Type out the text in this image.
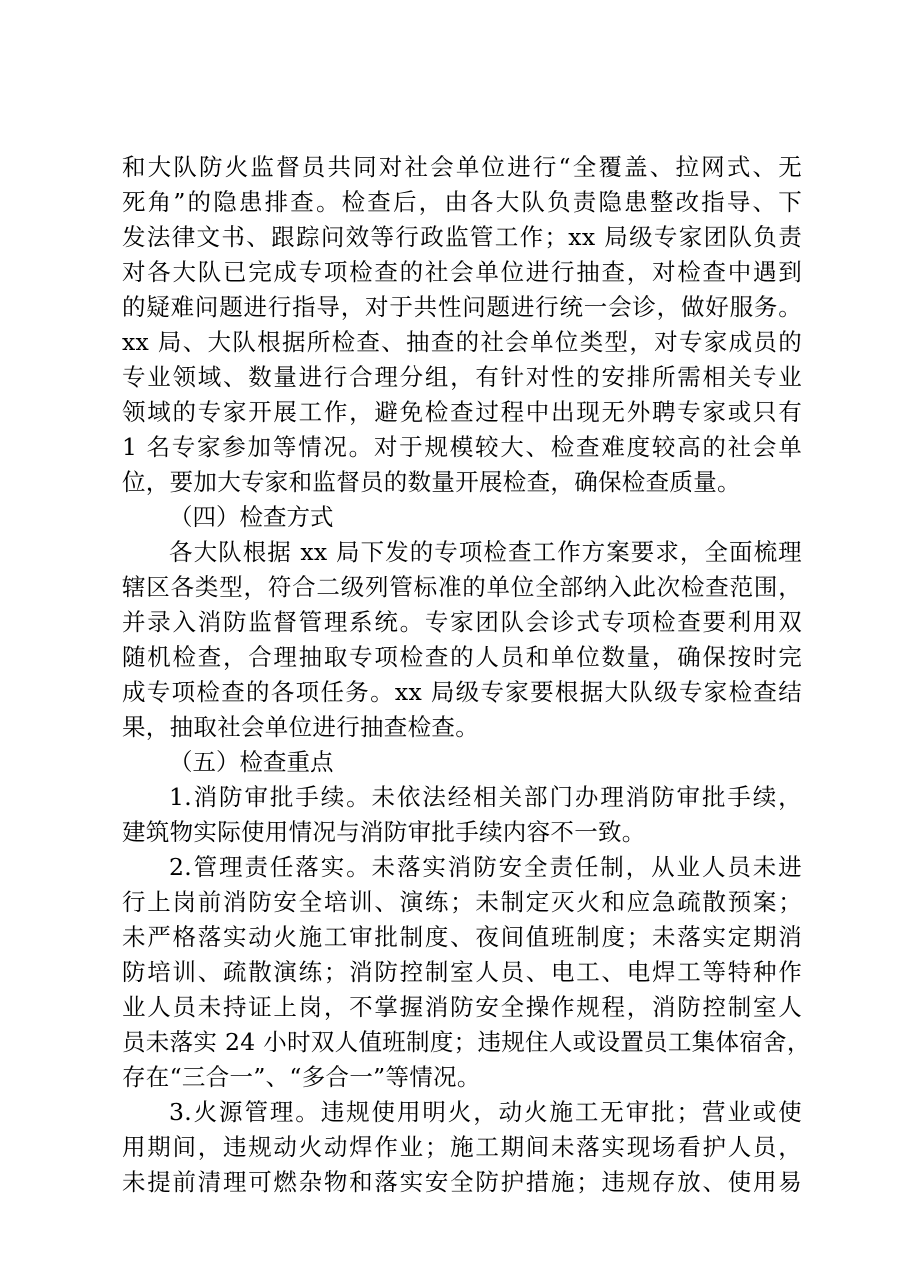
和大队防火监督员共同对社会单位进行“全覆盖、拉网式、无
死角”的隐患排查。检查后，由各大队负责隐患整改指导、下
发法律文书、跟踪问效等行政监管工作；xx 局级专家团队负责
对各大队已完成专项检查的社会单位进行抽查，对检查中遇到
的疑难问题进行指导，对于共性问题进行统一会诊，做好服务。
xx 局、大队根据所检查、抽查的社会单位类型，对专家成员的
专业领域、数量进行合理分组，有针对性的安排所需相关专业
领域的专家开展工作，避免检查过程中出现无外聘专家或只有
1 名专家参加等情况。对于规模较大、检查难度较高的社会单
位，要加大专家和监督员的数量开展检查，确保检查质量。
（四）检查方式
各大队根据 xx 局下发的专项检查工作方案要求，全面梳理
辖区各类型，符合二级列管标准的单位全部纳入此次检查范围，
并录入消防监督管理系统。专家团队会诊式专项检查要利用双
随机检查，合理抽取专项检查的人员和单位数量，确保按时完
成专项检查的各项任务。xx 局级专家要根据大队级专家检查结
果，抽取社会单位进行抽查检查。
（五）检查重点
1.消防审批手续。未依法经相关部门办理消防审批手续，
建筑物实际使用情况与消防审批手续内容不一致。
2.管理责任落实。未落实消防安全责任制，从业人员未进
行上岗前消防安全培训、演练；未制定灭火和应急疏散预案；
未严格落实动火施工审批制度、夜间值班制度；未落实定期消
防培训、疏散演练；消防控制室人员、电工、电焊工等特种作
业人员未持证上岗，不掌握消防安全操作规程，消防控制室人
员未落实 24 小时双人值班制度；违规住人或设置员工集体宿舍，
存在“三合一”、“多合一”等情况。
3.火源管理。违规使用明火，动火施工无审批；营业或使
用期间，违规动火动焊作业；施工期间未落实现场看护人员，
未提前清理可燃杂物和落实安全防护措施；违规存放、使用易
